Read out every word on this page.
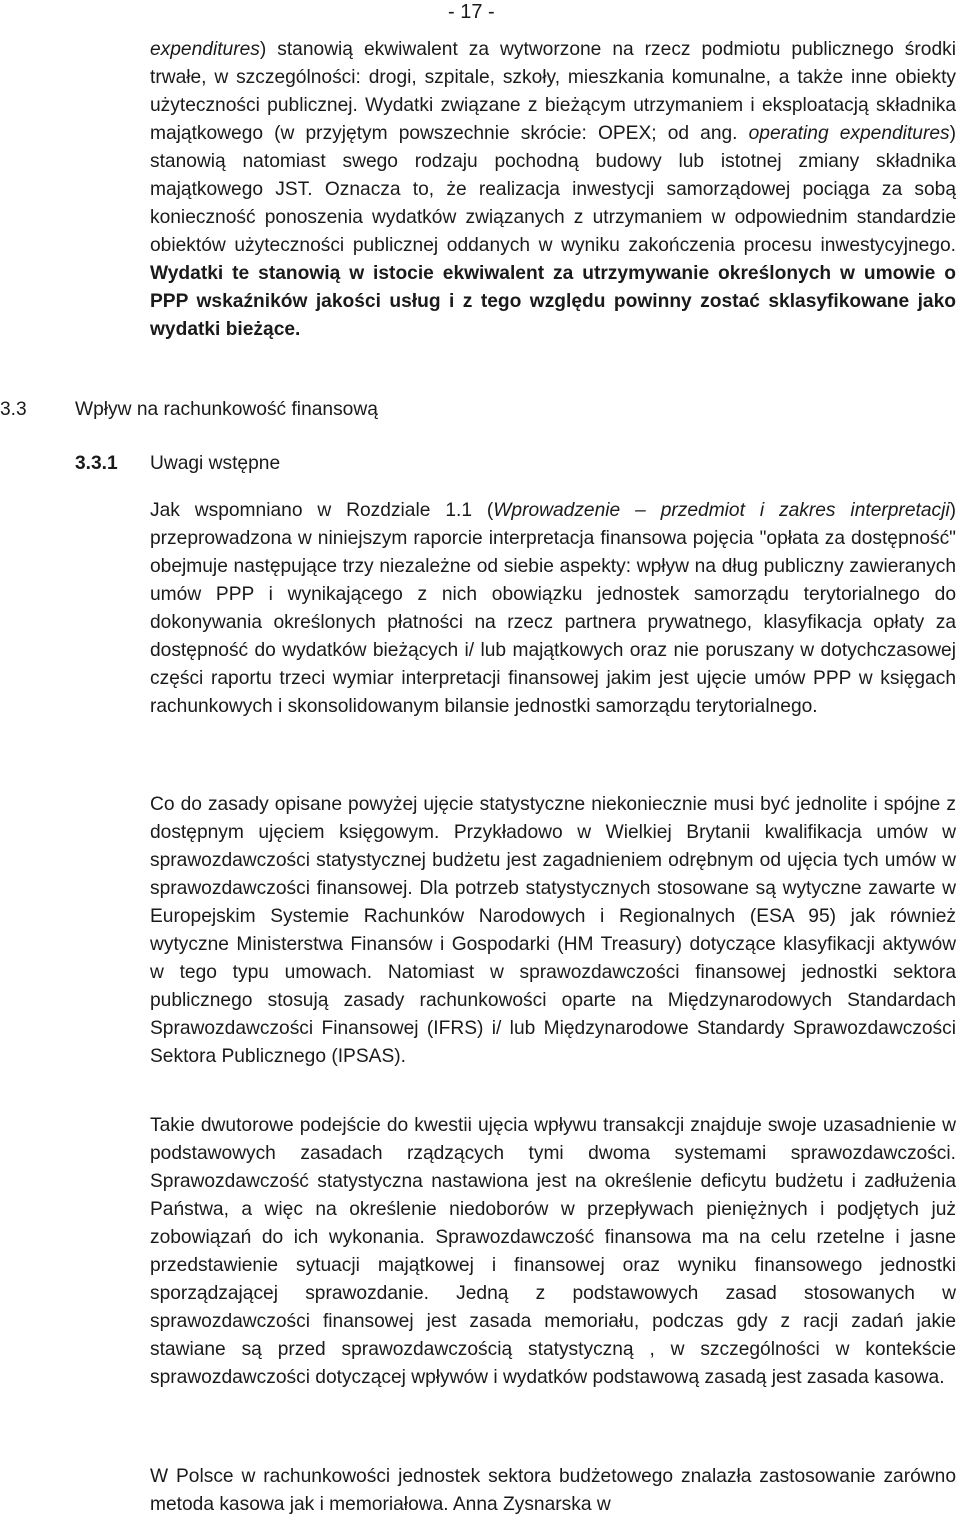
- 17 -

expenditures) stanowią ekwiwalent za wytworzone na rzecz podmiotu publicznego środki trwałe, w szczególności: drogi, szpitale, szkoły, mieszkania komunalne, a także inne obiekty użyteczności publicznej. Wydatki związane z bieżącym utrzymaniem i eksploatacją składnika majątkowego (w przyjętym powszechnie skrócie: OPEX; od ang. operating expenditures) stanowią natomiast swego rodzaju pochodną budowy lub istotnej zmiany składnika majątkowego JST. Oznacza to, że realizacja inwestycji samorządowej pociąga za sobą konieczność ponoszenia wydatków związanych z utrzymaniem w odpowiednim standardzie obiektów użyteczności publicznej oddanych w wyniku zakończenia procesu inwestycyjnego. Wydatki te stanowią w istocie ekwiwalent za utrzymywanie określonych w umowie o PPP wskaźników jakości usług i z tego względu powinny zostać sklasyfikowane jako wydatki bieżące.

3.3	Wpływ na rachunkowość finansową
3.3.1 Uwagi wstępne

Jak wspomniano w Rozdziale 1.1 (Wprowadzenie – przedmiot i zakres interpretacji) przeprowadzona w niniejszym raporcie interpretacja finansowa pojęcia "opłata za dostępność" obejmuje następujące trzy niezależne od siebie aspekty: wpływ na dług publiczny zawieranych umów PPP i wynikającego z nich obowiązku jednostek samorządu terytorialnego do dokonywania określonych płatności na rzecz partnera prywatnego, klasyfikacja opłaty za dostępność do wydatków bieżących i/ lub majątkowych oraz nie poruszany w dotychczasowej części raportu trzeci wymiar interpretacji finansowej jakim jest ujęcie umów PPP w księgach rachunkowych i skonsolidowanym bilansie jednostki samorządu terytorialnego.

Co do zasady opisane powyżej ujęcie statystyczne niekoniecznie musi być jednolite i spójne z dostępnym ujęciem księgowym. Przykładowo w Wielkiej Brytanii kwalifikacja umów w sprawozdawczości statystycznej budżetu jest zagadnieniem odrębnym od ujęcia tych umów w sprawozdawczości finansowej. Dla potrzeb statystycznych stosowane są wytyczne zawarte w Europejskim Systemie Rachunków Narodowych i Regionalnych (ESA 95) jak również wytyczne Ministerstwa Finansów i Gospodarki (HM Treasury) dotyczące klasyfikacji aktywów w tego typu umowach. Natomiast w sprawozdawczości finansowej jednostki sektora publicznego stosują zasady rachunkowości oparte na Międzynarodowych Standardach Sprawozdawczości Finansowej (IFRS) i/ lub Międzynarodowe Standardy Sprawozdawczości Sektora Publicznego (IPSAS).

Takie dwutorowe podejście do kwestii ujęcia wpływu transakcji znajduje swoje uzasadnienie w podstawowych zasadach rządzących tymi dwoma systemami sprawozdawczości. Sprawozdawczość statystyczna nastawiona jest na określenie deficytu budżetu i zadłużenia Państwa, a więc na określenie niedoborów w przepływach pieniężnych i podjętych już zobowiązań do ich wykonania. Sprawozdawczość finansowa ma na celu rzetelne i jasne przedstawienie sytuacji majątkowej i finansowej oraz wyniku finansowego jednostki sporządzającej sprawozdanie. Jedną z podstawowych zasad stosowanych w sprawozdawczości finansowej jest zasada memoriału, podczas gdy z racji zadań jakie stawiane są przed sprawozdawczością statystyczną , w szczególności w kontekście sprawozdawczości dotyczącej wpływów i wydatków podstawową zasadą jest zasada kasowa.

W Polsce w rachunkowości jednostek sektora budżetowego znalazła zastosowanie zarówno metoda kasowa jak i memoriałowa. Anna Zysnarska w
